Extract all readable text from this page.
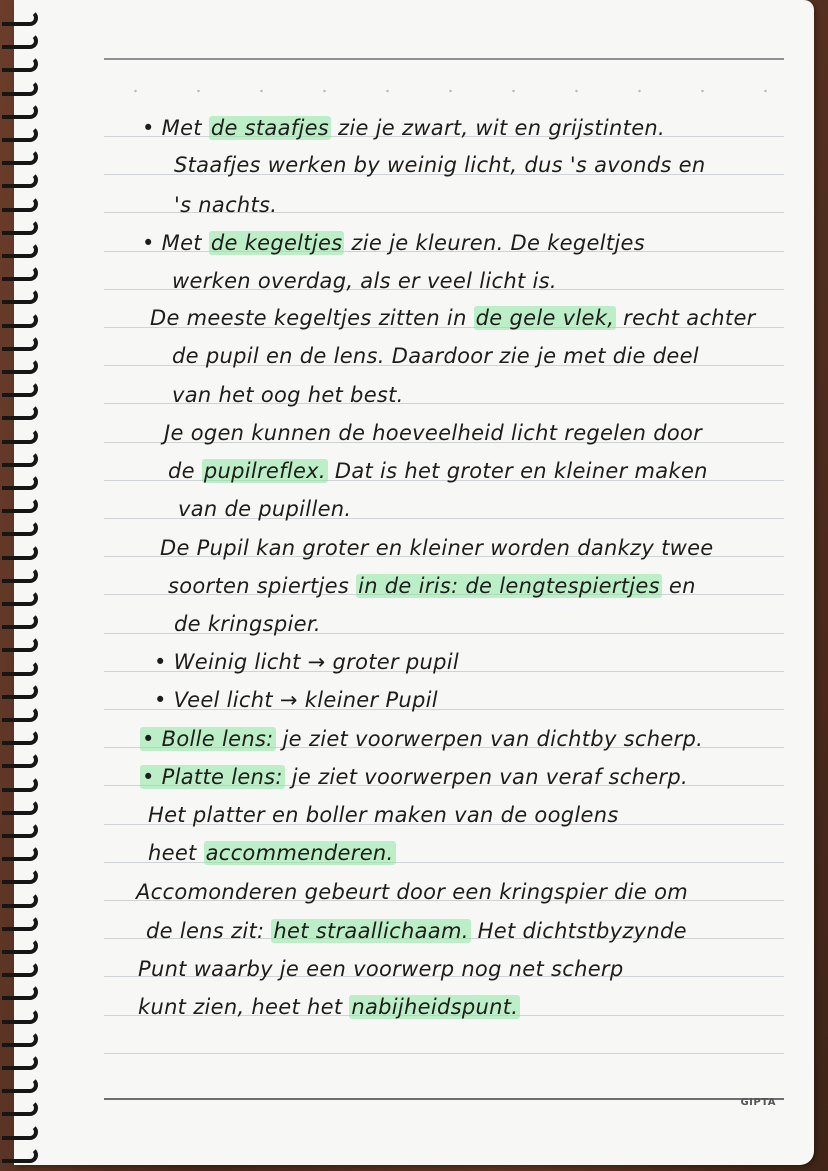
• Met de staafjes zie je zwart, wit en grijstinten.
Staafjes werken by weinig licht, dus 's avonds en
's nachts.
• Met de kegeltjes zie je kleuren. De kegeltjes
werken overdag, als er veel licht is.
De meeste kegeltjes zitten in de gele vlek, recht achter
de pupil en de lens. Daardoor zie je met die deel
van het oog het best.
Je ogen kunnen de hoeveelheid licht regelen door
de pupilreflex. Dat is het groter en kleiner maken
van de pupillen.
De Pupil kan groter en kleiner worden dankzy twee
soorten spiertjes in de iris: de lengtespiertjes en
de kringspier.
• Weinig licht → groter pupil
• Veel licht → kleiner Pupil
• Bolle lens: je ziet voorwerpen van dichtby scherp.
• Platte lens: je ziet voorwerpen van veraf scherp.
Het platter en boller maken van de ooglens
heet accommenderen.
Accomonderen gebeurt door een kringspier die om
de lens zit: het straallichaam. Het dichtstbyzynde
Punt waarby je een voorwerp nog net scherp
kunt zien, heet het nabijheidspunt.
GIPTA
